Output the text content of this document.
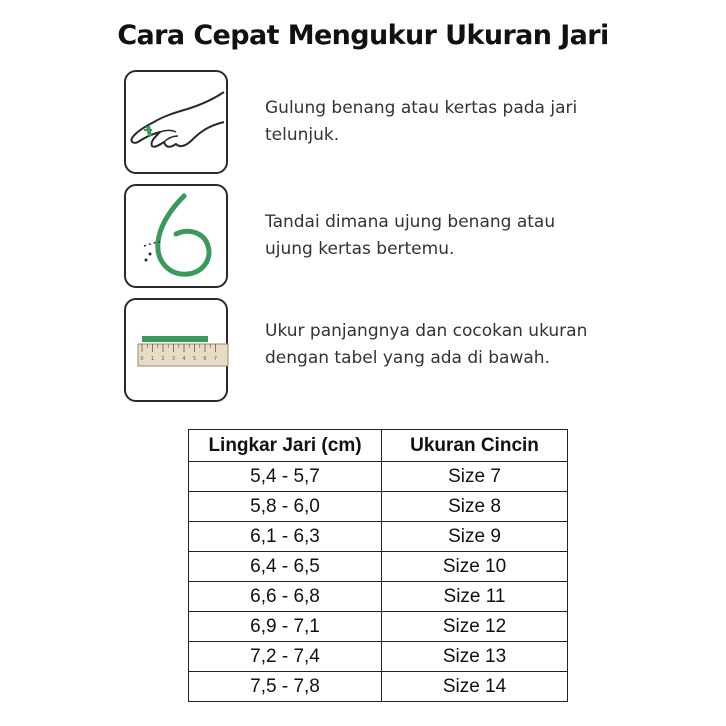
Cara Cepat Mengukur Ukuran Jari
Gulung benang atau kertas pada jari
telunjuk.
Tandai dimana ujung benang atau
ujung kertas bertemu.
0 1 2 3 4 5 6 7
Ukur panjangnya dan cocokan ukuran
dengan tabel yang ada di bawah.
Lingkar Jari (cm)	Ukuran Cincin
5,4 - 5,7	Size 7
5,8 - 6,0	Size 8
6,1 - 6,3	Size 9
6,4 - 6,5	Size 10
6,6 - 6,8	Size 11
6,9 - 7,1	Size 12
7,2 - 7,4	Size 13
7,5 - 7,8	Size 14
